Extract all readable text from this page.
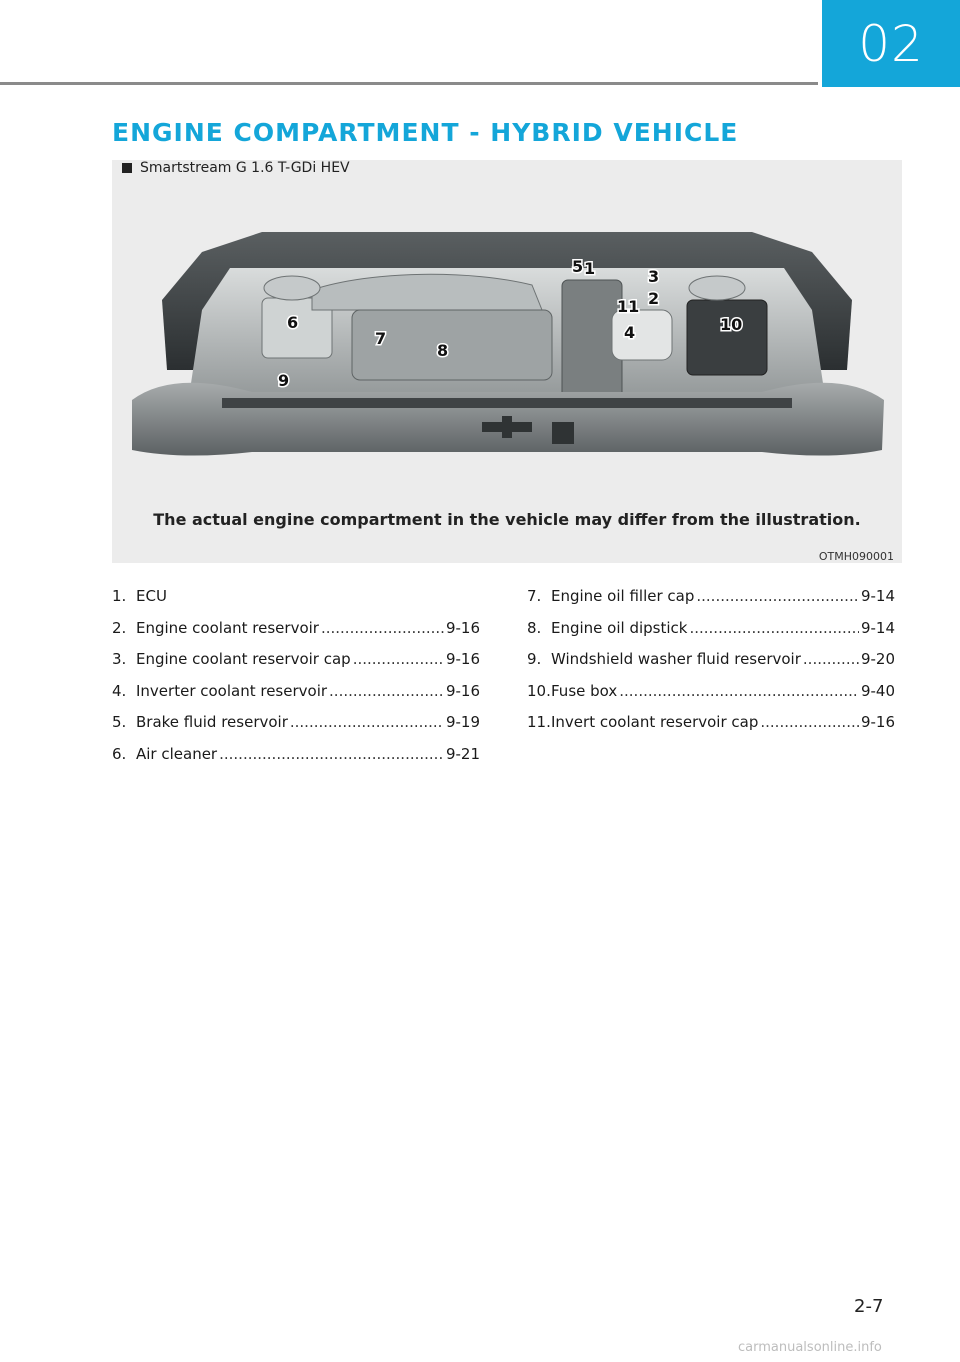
02
ENGINE COMPARTMENT - HYBRID VEHICLE
Smartstream G 1.6 T-GDi HEV
1
2
3
4
5
6
7
8
9
10
11
The actual engine compartment in the vehicle may differ from the illustration.
OTMH090001
1. ECU
2. Engine coolant reservoir .....	9-16
3. Engine coolant reservoir cap .....	9-16
4. Inverter coolant reservoir .....	9-16
5. Brake fluid reservoir .....	9-19
6. Air cleaner .....	9-21
7. Engine oil filler cap .....	9-14
8. Engine oil dipstick .....	9-14
9. Windshield washer fluid reservoir .....	9-20
10. Fuse box .....	9-40
11. Invert coolant reservoir cap .....	9-16
2-7
carmanualsonline.info
